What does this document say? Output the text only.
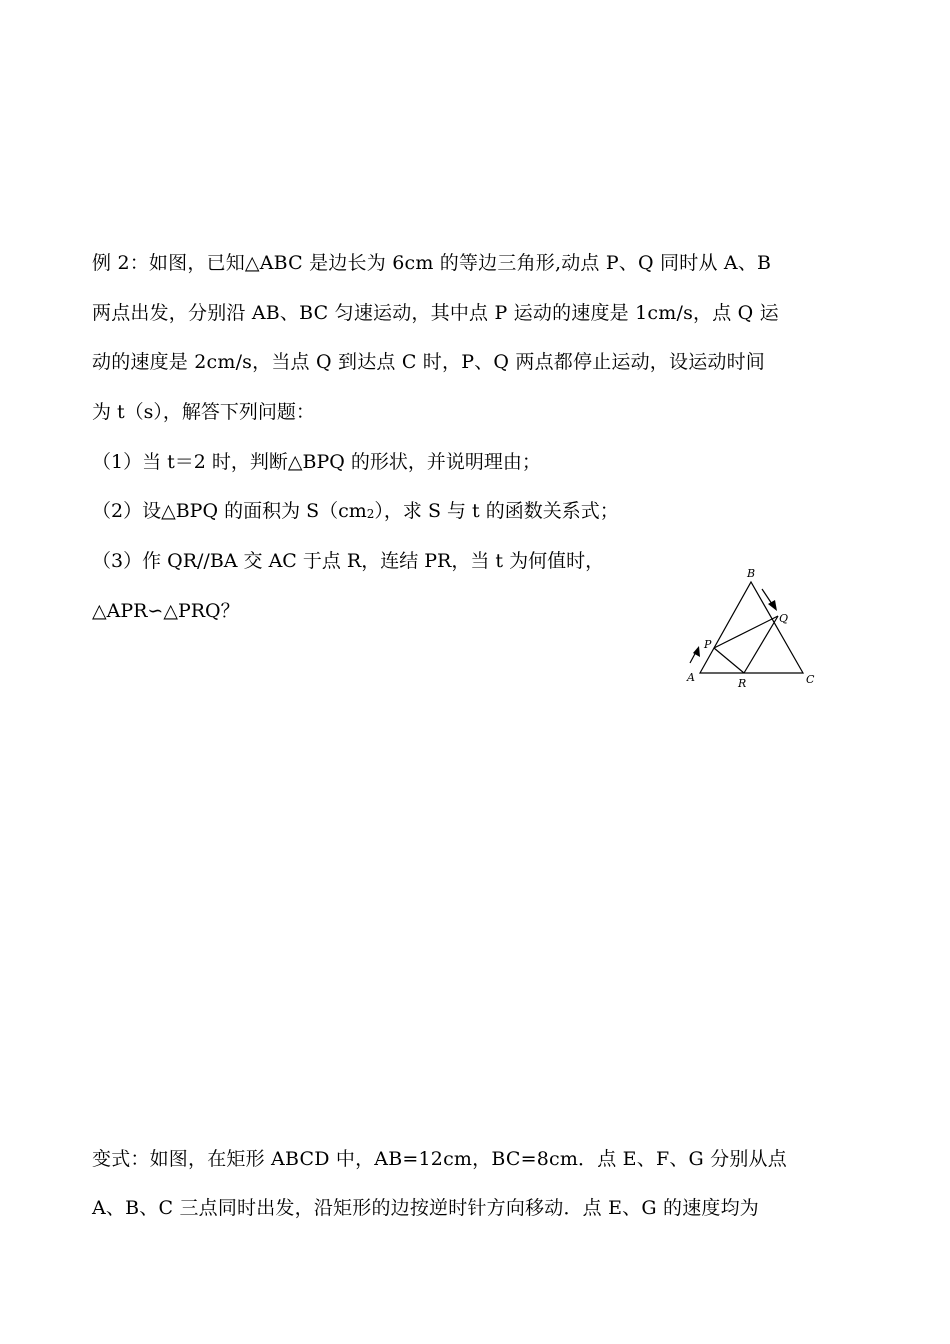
例 2：如图，已知△ABC 是边长为 6cm 的等边三角形,动点 P、Q 同时从 A、B
两点出发，分别沿 AB、BC 匀速运动，其中点 P 运动的速度是 1cm/s，点 Q 运
动的速度是 2cm/s，当点 Q 到达点 C 时，P、Q 两点都停止运动，设运动时间
为 t（s），解答下列问题：
（1）当 t＝2 时，判断△BPQ 的形状，并说明理由；
（2）设△BPQ 的面积为 S（cm2），求 S 与 t 的函数关系式；
（3）作 QR//BA 交 AC 于点 R，连结 PR，当 t 为何值时，
△APR∽△PRQ？
B
Q
P
A	R	C
变式：如图，在矩形 ABCD 中，AB=12cm，BC=8cm．点 E、F、G 分别从点
A、B、C 三点同时出发，沿矩形的边按逆时针方向移动．点 E、G 的速度均为
